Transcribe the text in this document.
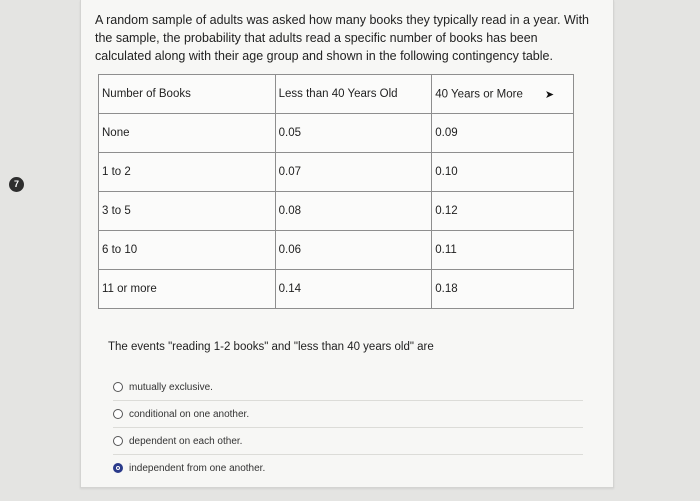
7
A random sample of adults was asked how many books they typically read in a year. With the sample, the probability that adults read a specific number of books has been calculated along with their age group and shown in the following contingency table.
Number of Books	Less than 40 Years Old	40 Years or More ➤
None	0.05	0.09
1 to 2	0.07	0.10
3 to 5	0.08	0.12
6 to 10	0.06	0.11
11 or more	0.14	0.18
The events "reading 1-2 books" and "less than 40 years old" are
mutually exclusive.
conditional on one another.
dependent on each other.
independent from one another.
